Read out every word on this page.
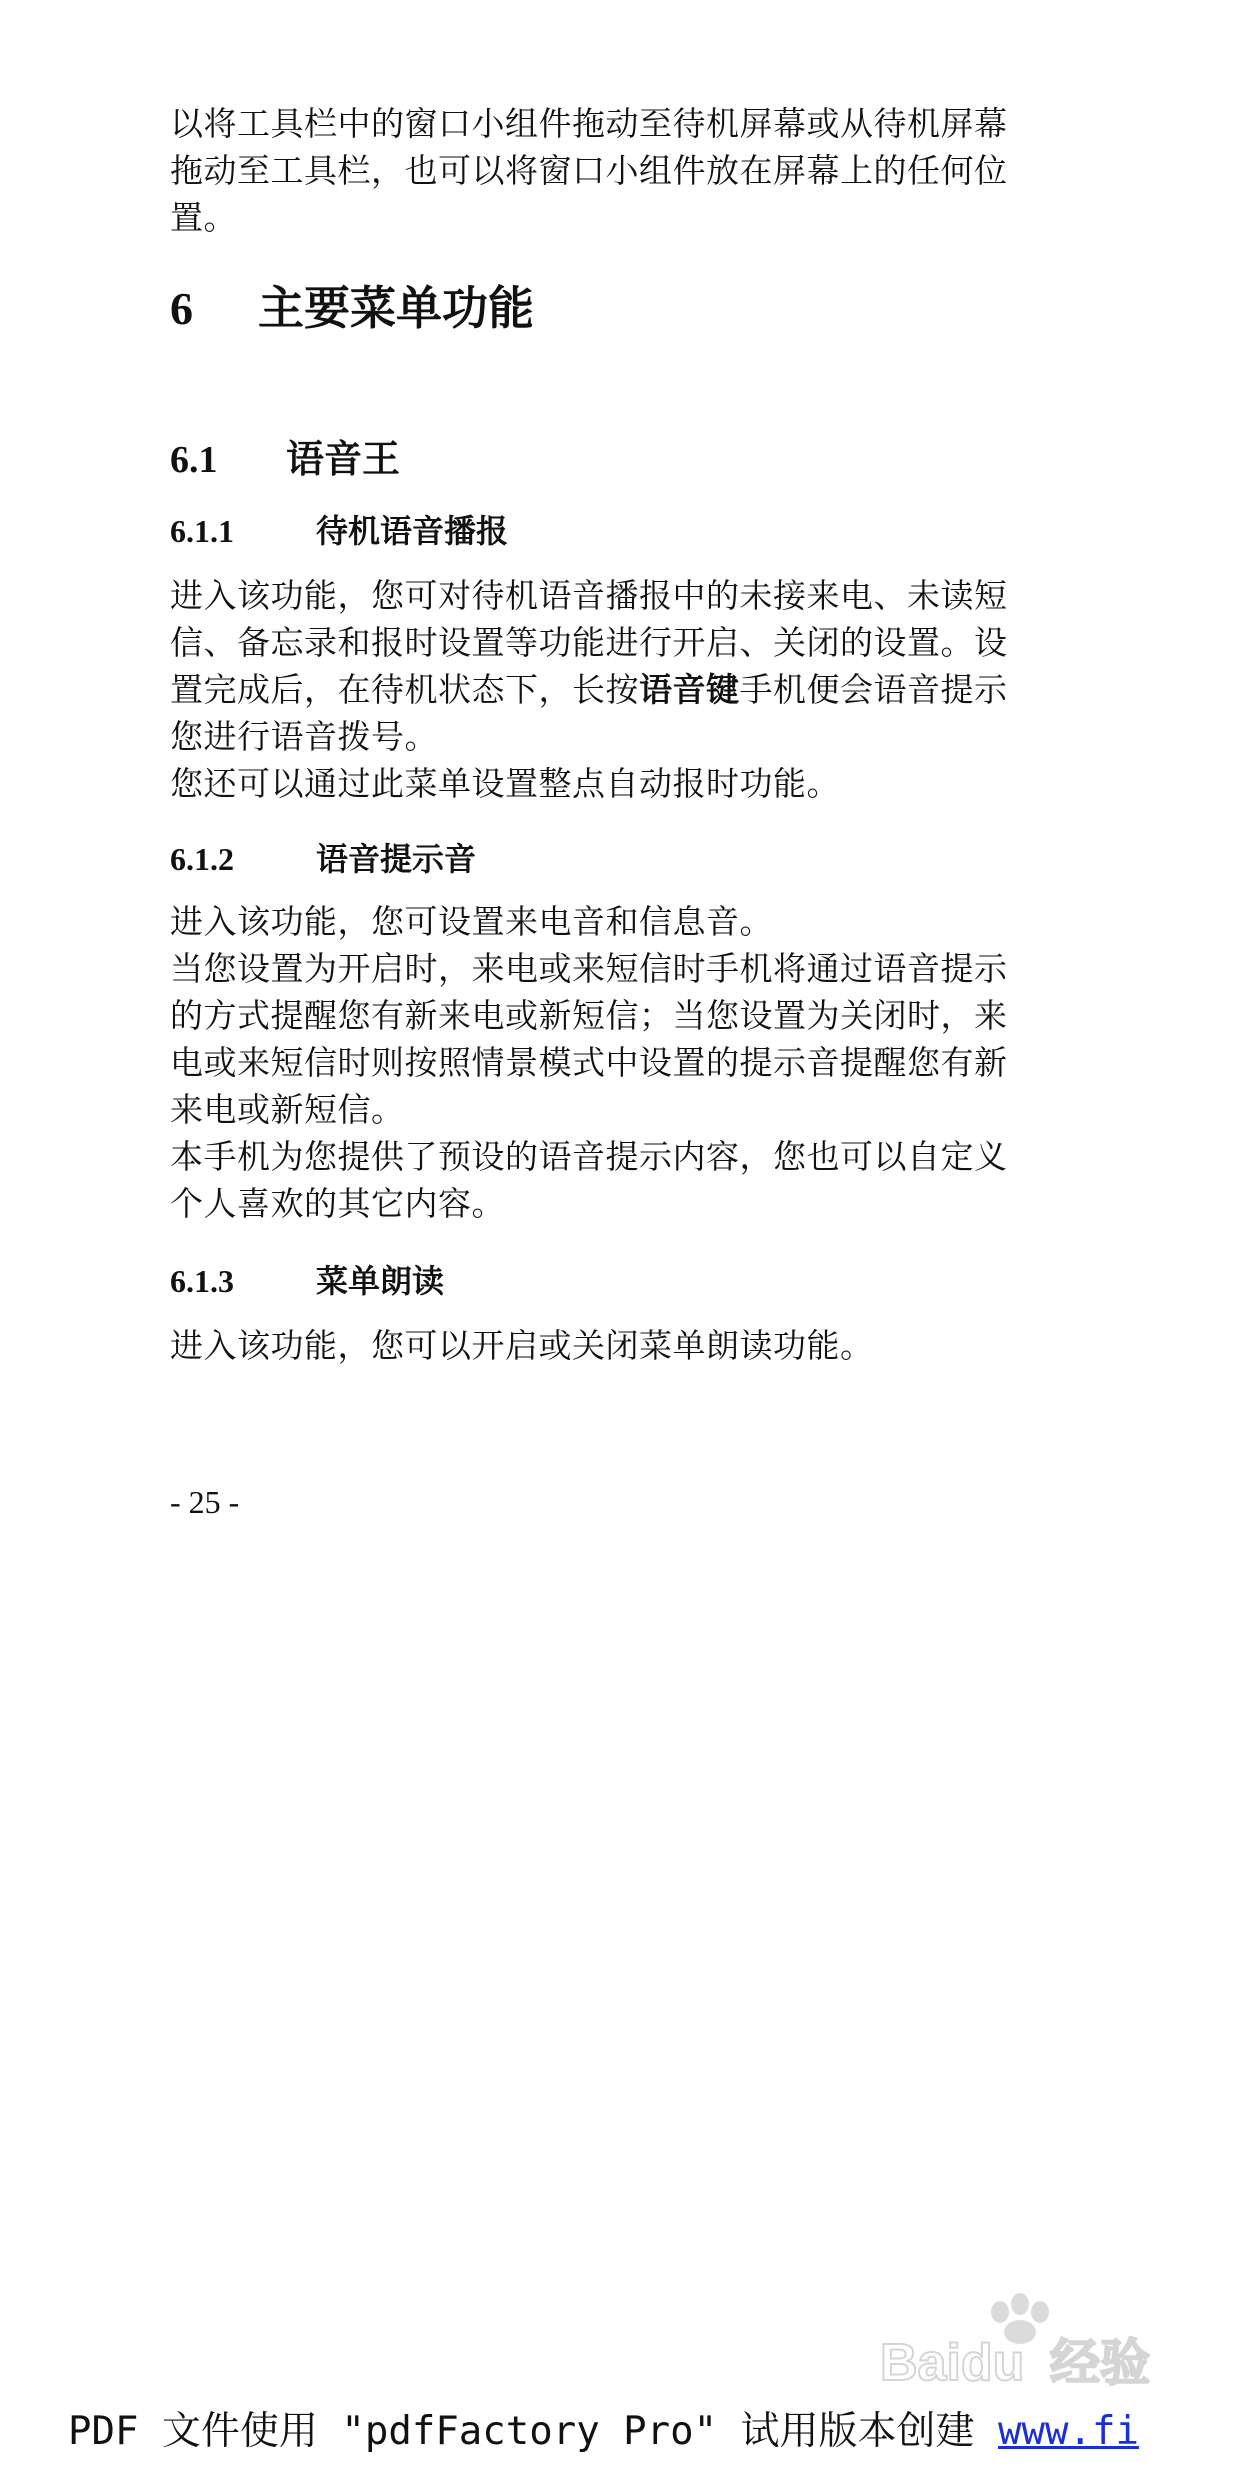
以将工具栏中的窗口小组件拖动至待机屏幕或从待机屏幕

拖动至工具栏，也可以将窗口小组件放在屏幕上的任何位

置。

6 主要菜单功能
6.1 语音王
6.1.1	待机语音播报

进入该功能，您可对待机语音播报中的未接来电、未读短

信、备忘录和报时设置等功能进行开启、关闭的设置。设

置完成后，在待机状态下，长按语音键手机便会语音提示

您进行语音拨号。

您还可以通过此菜单设置整点自动报时功能。

6.1.2	语音提示音

进入该功能，您可设置来电音和信息音。

当您设置为开启时，来电或来短信时手机将通过语音提示

的方式提醒您有新来电或新短信；当您设置为关闭时，来

电或来短信时则按照情景模式中设置的提示音提醒您有新

来电或新短信。

本手机为您提供了预设的语音提示内容，您也可以自定义

个人喜欢的其它内容。

6.1.3	菜单朗读

进入该功能，您可以开启或关闭菜单朗读功能。

- 25 -
Baidu 经验
PDF 文件使用 "pdfFactory Pro" 试用版本创建 www.fi
